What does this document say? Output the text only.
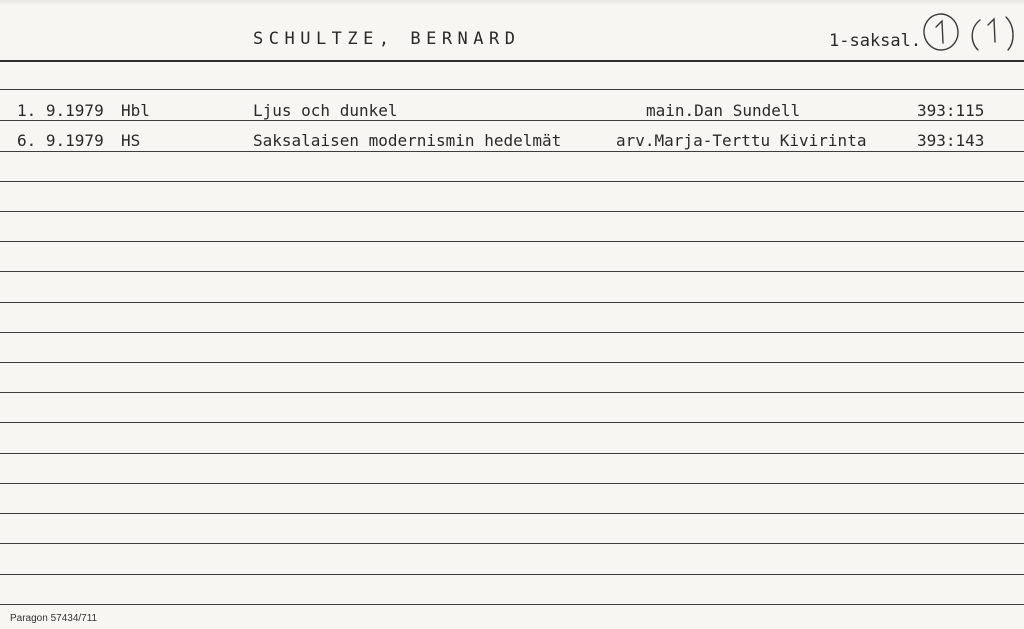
SCHULTZE, BERNARD	1-saksal.
1. 9.1979 Hbl	Ljus och dunkel	main.Dan Sundell	393:115
6. 9.1979 HS	Saksalaisen modernismin hedelmät	arv.Marja-Terttu Kivirinta	393:143
Paragon 57434/711
